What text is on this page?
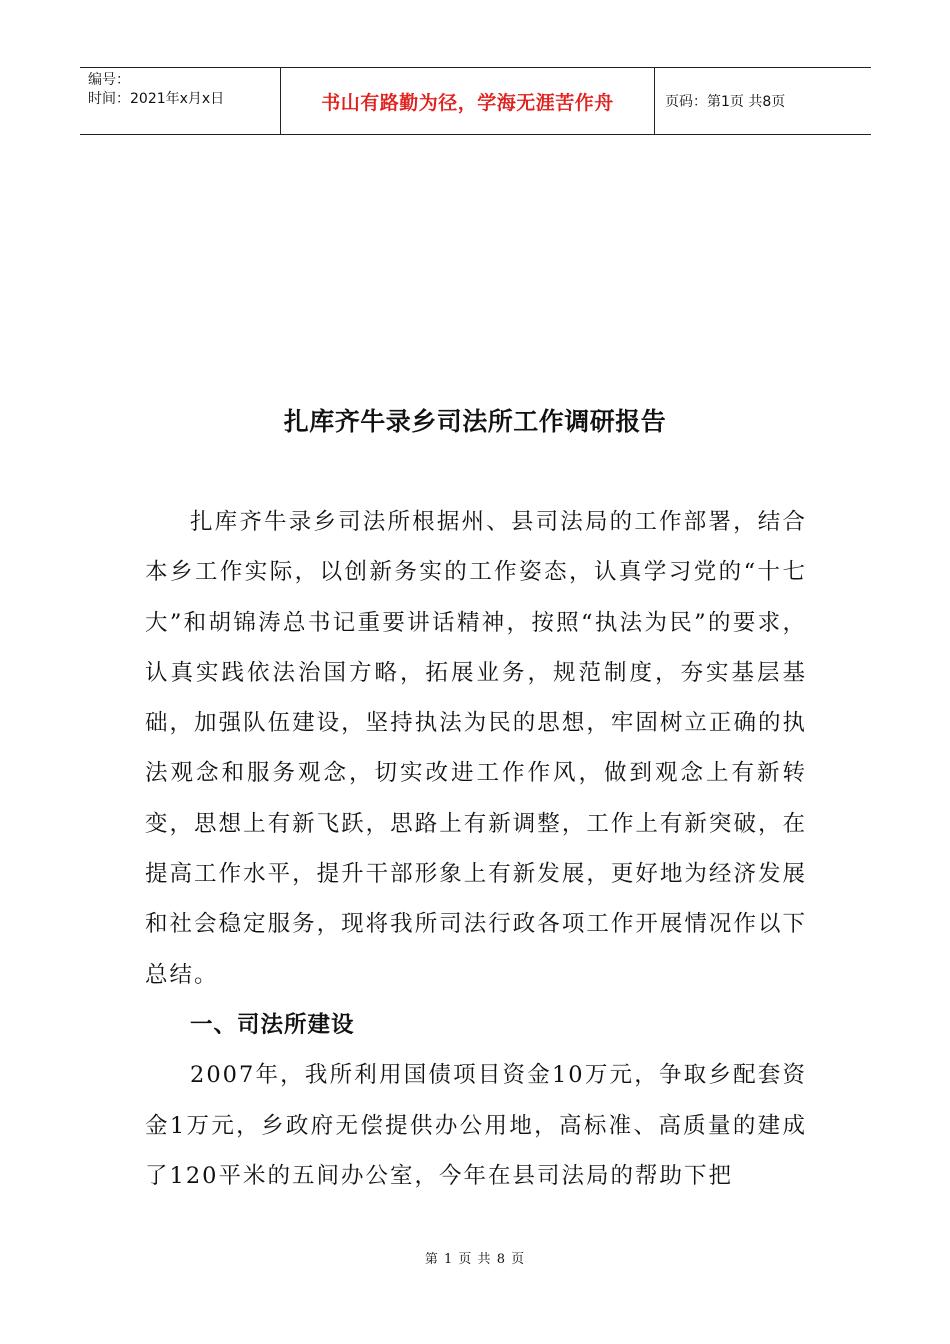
编号：
时间：2021年x月x日	书山有路勤为径，学海无涯苦作舟	页码：第1页 共8页
扎库齐牛录乡司法所工作调研报告

扎库齐牛录乡司法所根据州、县司法局的工作部署，结合本乡工作实际，以创新务实的工作姿态，认真学习党的“十七大”和胡锦涛总书记重要讲话精神，按照“执法为民”的要求，认真实践依法治国方略，拓展业务，规范制度，夯实基层基础，加强队伍建设，坚持执法为民的思想，牢固树立正确的执法观念和服务观念，切实改进工作作风，做到观念上有新转变，思想上有新飞跃，思路上有新调整，工作上有新突破，在提高工作水平，提升干部形象上有新发展，更好地为经济发展和社会稳定服务，现将我所司法行政各项工作开展情况作以下总结。

一、司法所建设

2007年，我所利用国债项目资金10万元，争取乡配套资金1万元，乡政府无偿提供办公用地，高标准、高质量的建成了120平米的五间办公室，今年在县司法局的帮助下把

第 1 页 共 8 页
